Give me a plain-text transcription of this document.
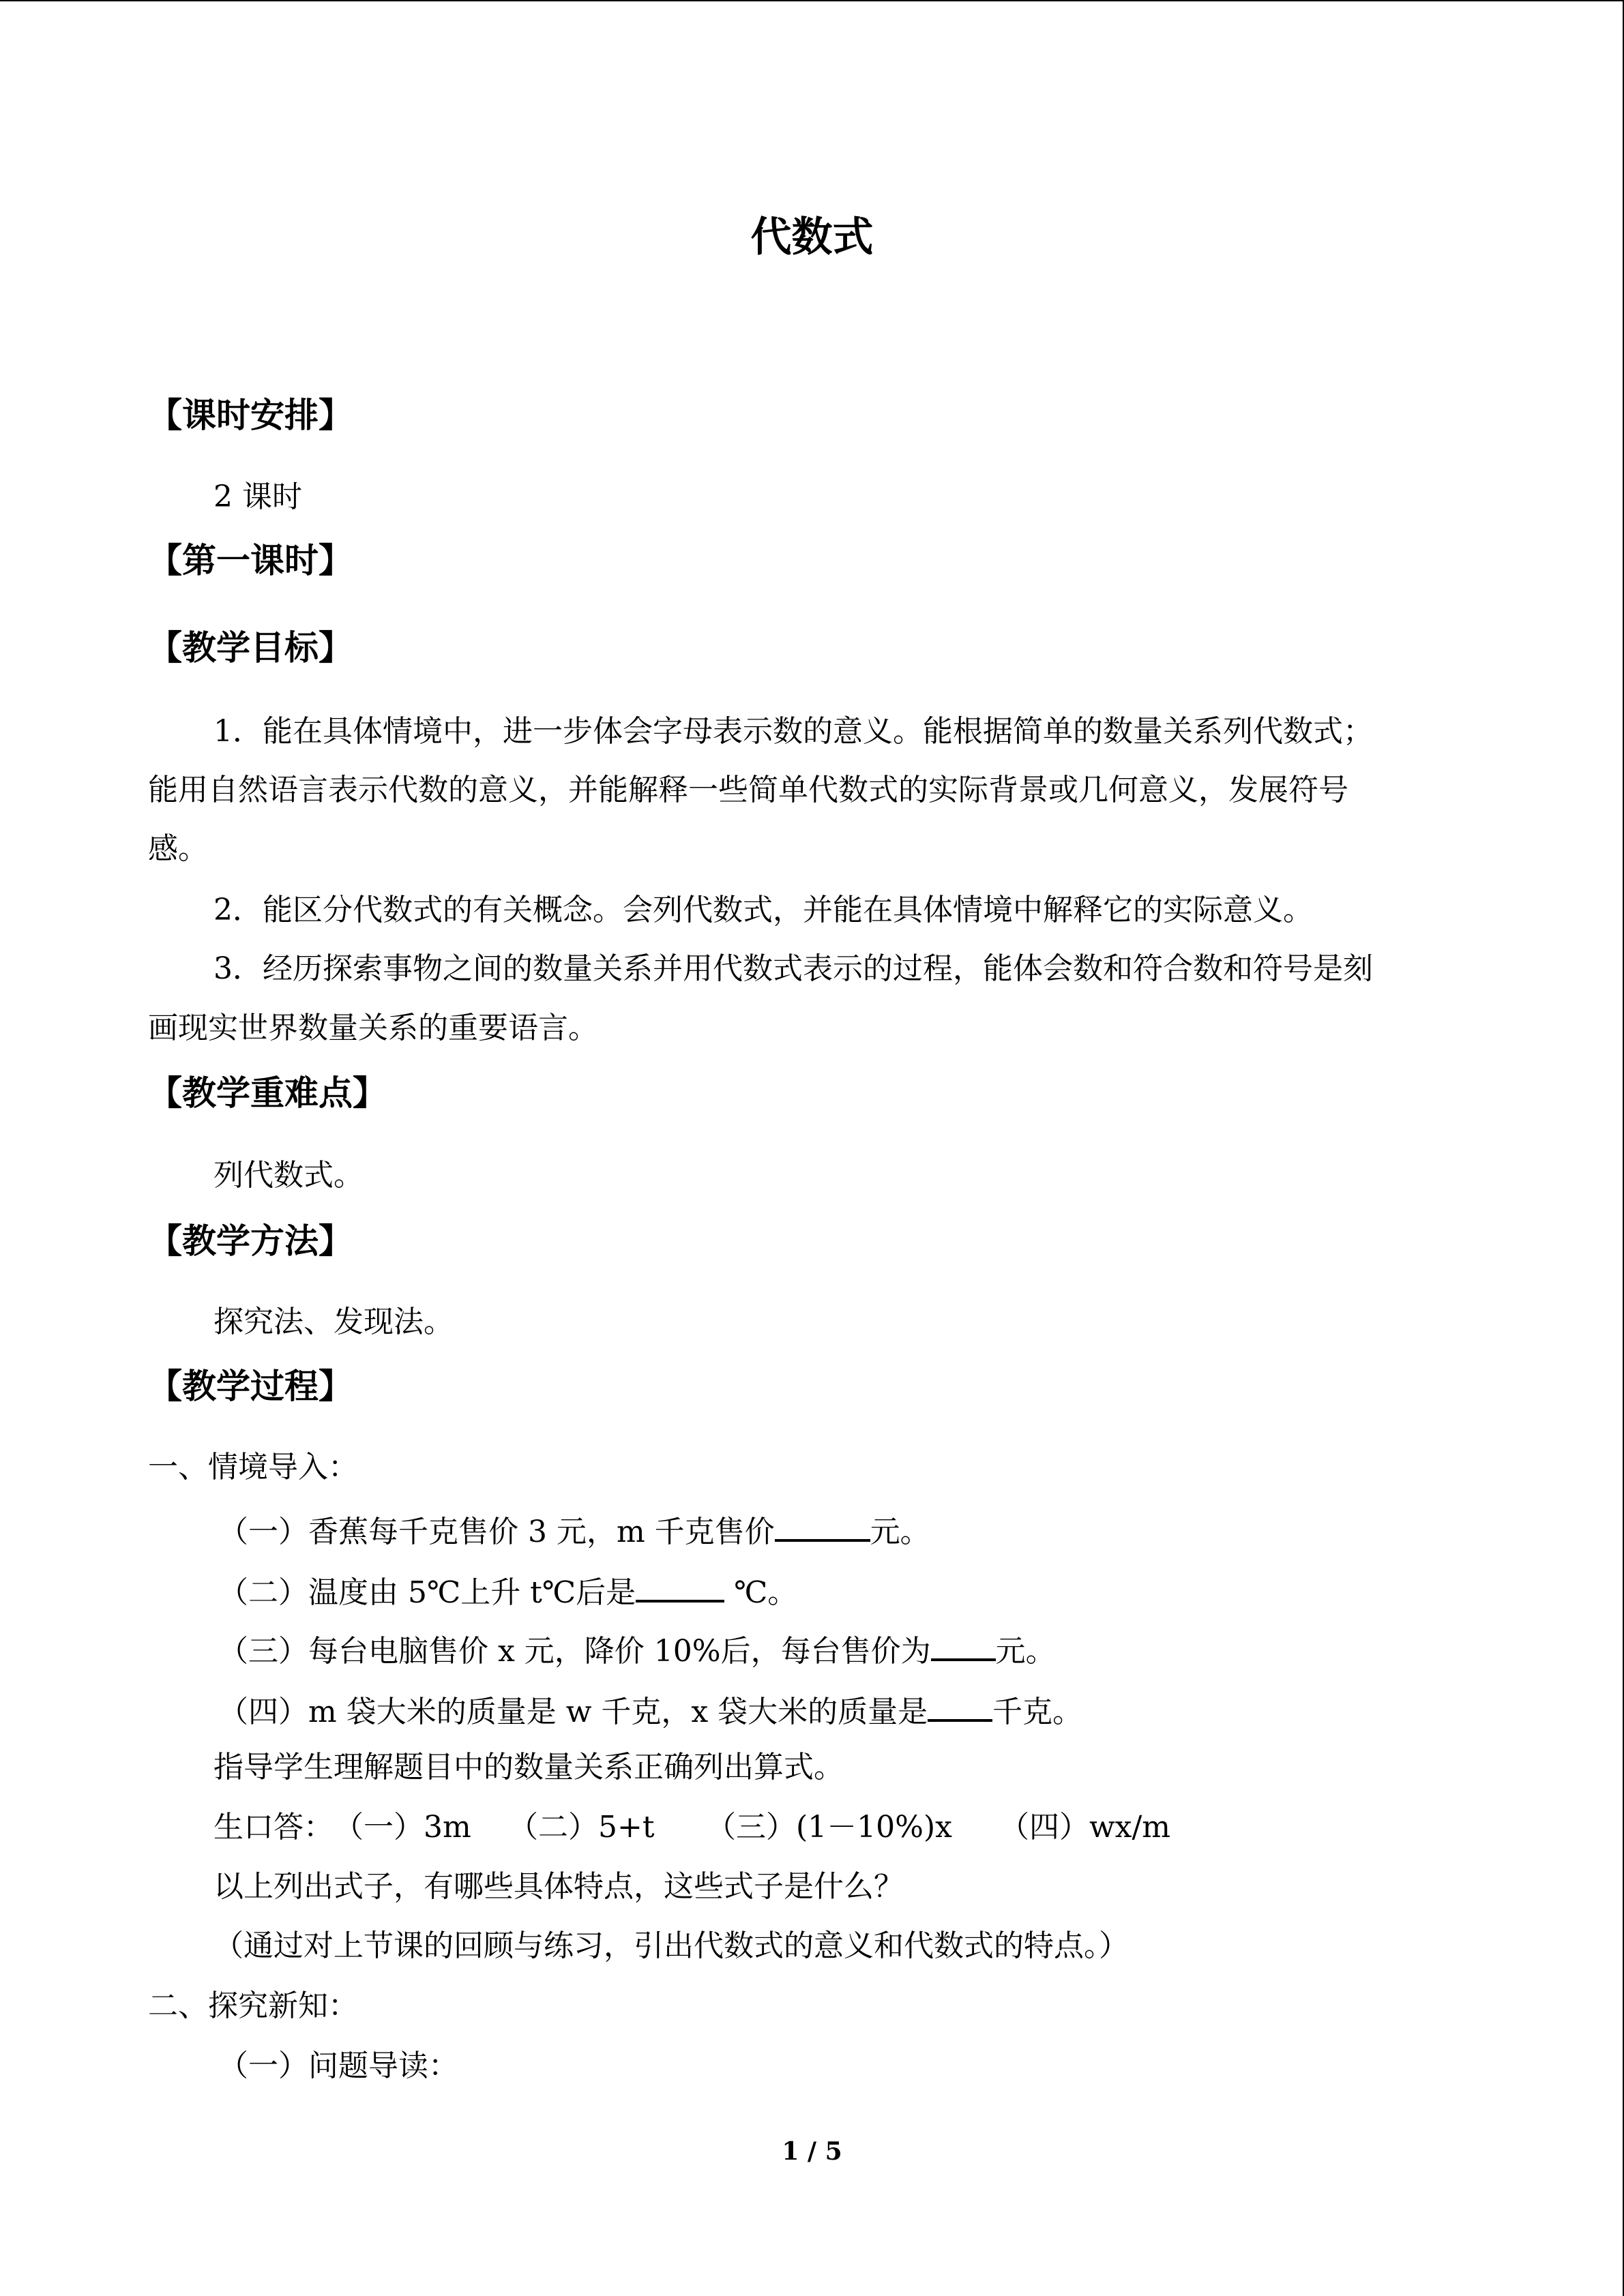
代数式
【课时安排】
2 课时
【第一课时】
【教学目标】
1．能在具体情境中，进一步体会字母表示数的意义。能根据简单的数量关系列代数式；
能用自然语言表示代数的意义，并能解释一些简单代数式的实际背景或几何意义，发展符号
感。
2．能区分代数式的有关概念。会列代数式，并能在具体情境中解释它的实际意义。
3．经历探索事物之间的数量关系并用代数式表示的过程，能体会数和符合数和符号是刻
画现实世界数量关系的重要语言。
【教学重难点】
列代数式。
【教学方法】
探究法、发现法。
【教学过程】
一、情境导入：
（一）香蕉每千克售价 3 元，m 千克售价	元。
（二）温度由 5℃上升 t℃后是	℃。
（三）每台电脑售价 x 元，降价 10%后，每台售价为 元。
（四）m 袋大米的质量是 w 千克，x 袋大米的质量是 千克。
指导学生理解题目中的数量关系正确列出算式。
生口答：（一）3m （二）5+t （三）(1－10%)x （四）wx/m
以上列出式子，有哪些具体特点，这些式子是什么？
（通过对上节课的回顾与练习，引出代数式的意义和代数式的特点。）
二、探究新知：
（一）问题导读：
1 / 5
